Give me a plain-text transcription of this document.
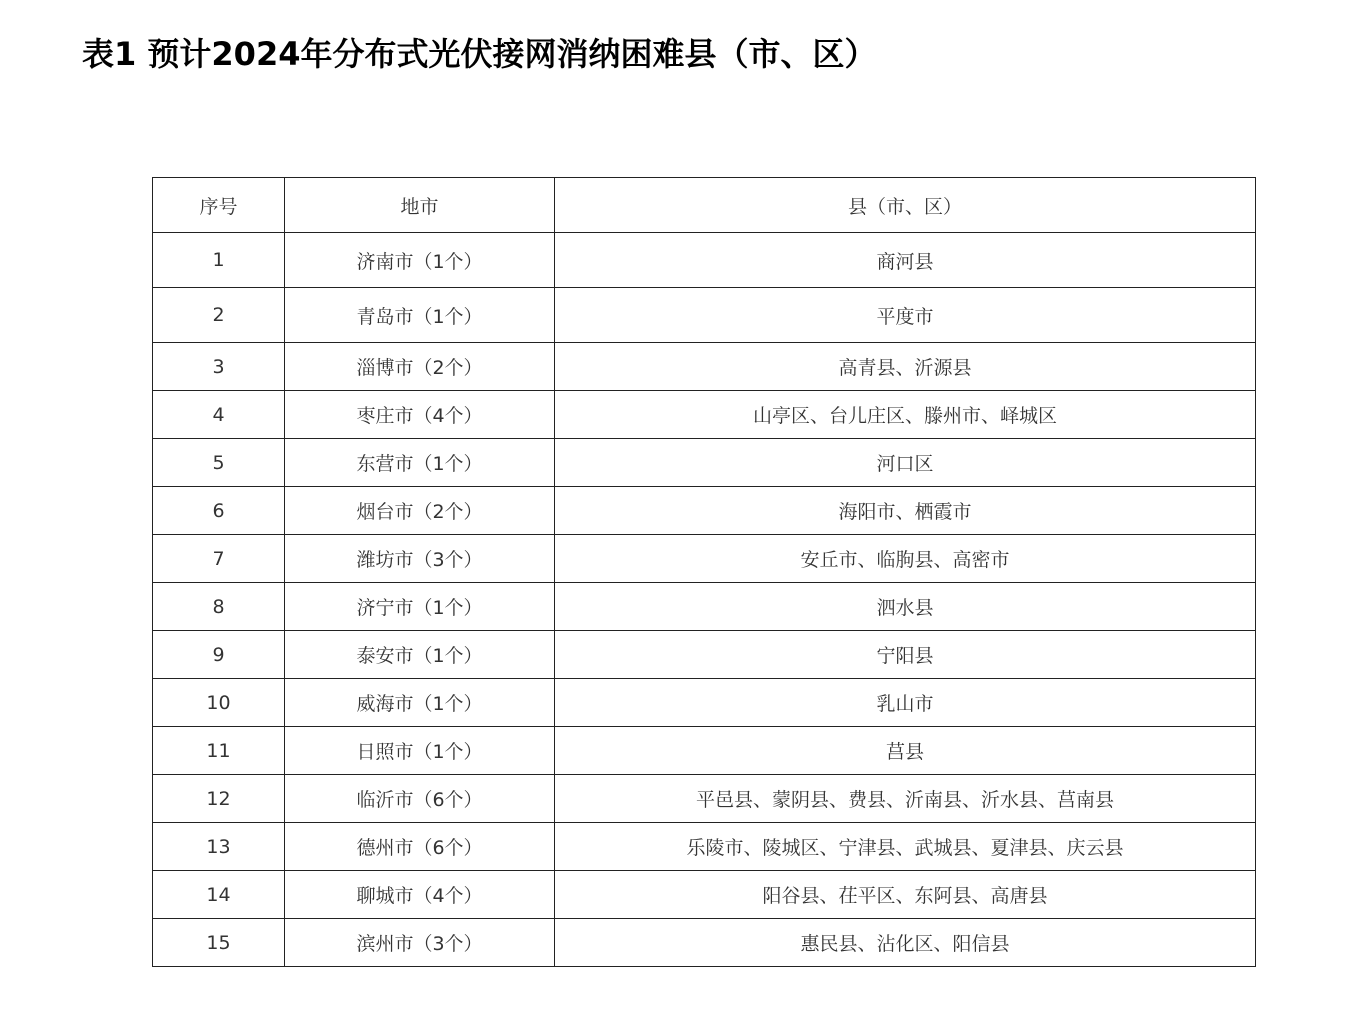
表1 预计2024年分布式光伏接网消纳困难县（市、区）
序号	地市	县（市、区）
1	济南市（1个）	商河县
2	青岛市（1个）	平度市
3	淄博市（2个）	高青县、沂源县
4	枣庄市（4个）	山亭区、台儿庄区、滕州市、峄城区
5	东营市（1个）	河口区
6	烟台市（2个）	海阳市、栖霞市
7	潍坊市（3个）	安丘市、临朐县、高密市
8	济宁市（1个）	泗水县
9	泰安市（1个）	宁阳县
10	威海市（1个）	乳山市
11	日照市（1个）	莒县
12	临沂市（6个）	平邑县、蒙阴县、费县、沂南县、沂水县、莒南县
13	德州市（6个）	乐陵市、陵城区、宁津县、武城县、夏津县、庆云县
14	聊城市（4个）	阳谷县、茌平区、东阿县、高唐县
15	滨州市（3个）	惠民县、沾化区、阳信县
